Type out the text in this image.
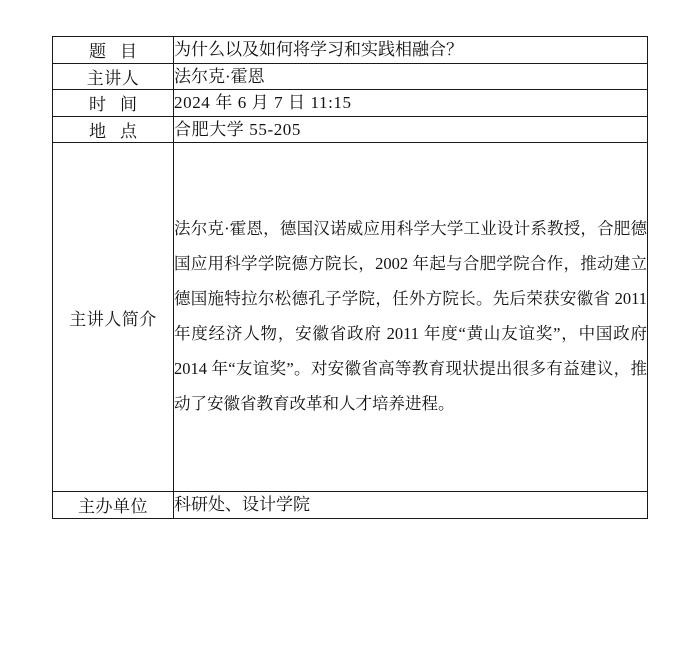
题目	为什么以及如何将学习和实践相融合？
主讲人	法尔克·霍恩
时间	2024 年 6 月 7 日 11:15
地点	合肥大学 55-205
主讲人简介	法尔克·霍恩，德国汉诺威应用科学大学工业设计系教授，合肥德国应用科学学院德方院长，2002 年起与合肥学院合作，推动建立德国施特拉尔松德孔子学院，任外方院长。先后荣获安徽省 2011 年度经济人物，安徽省政府 2011 年度“黄山友谊奖”，中国政府 2014 年“友谊奖”。对安徽省高等教育现状提出很多有益建议，推动了安徽省教育改革和人才培养进程。
主办单位	科研处、设计学院
